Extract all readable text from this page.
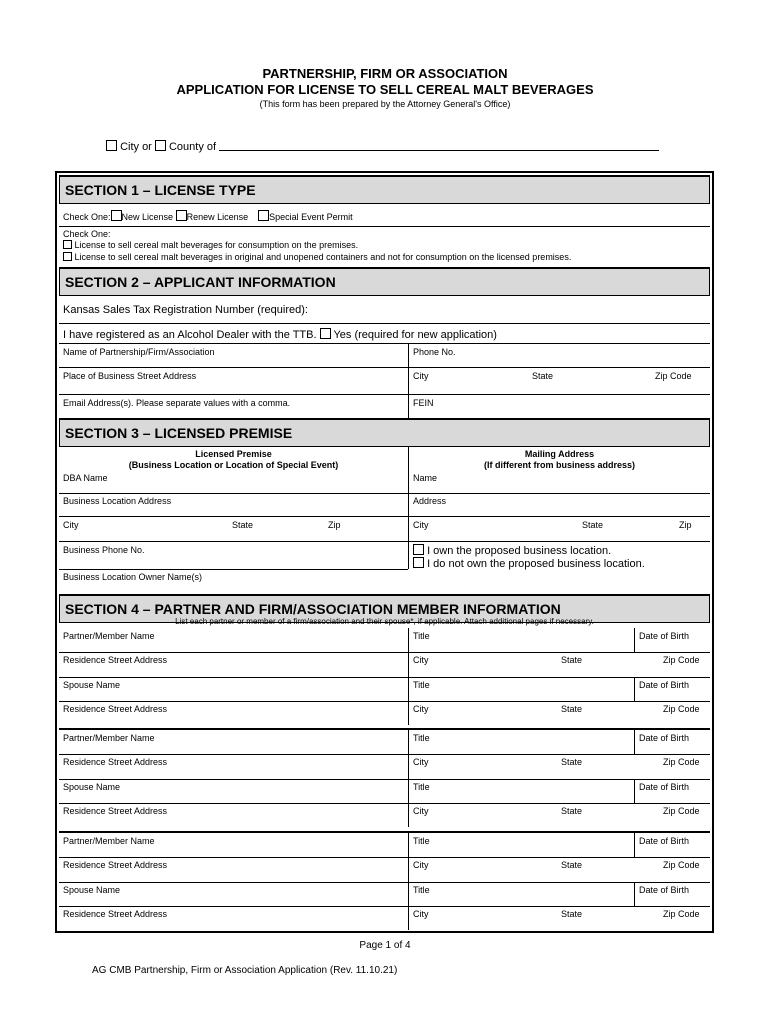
PARTNERSHIP, FIRM OR ASSOCIATION
APPLICATION FOR LICENSE TO SELL CEREAL MALT BEVERAGES
(This form has been prepared by the Attorney General's Office)
City or County of
SECTION 1 – LICENSE TYPE
Check One: New License Renew License Special Event Permit
Check One:
License to sell cereal malt beverages for consumption on the premises.
License to sell cereal malt beverages in original and unopened containers and not for consumption on the licensed premises.
SECTION 2 – APPLICANT INFORMATION
Kansas Sales Tax Registration Number (required):
I have registered as an Alcohol Dealer with the TTB. Yes (required for new application)
Name of Partnership/Firm/Association	Phone No.
Place of Business Street Address	City	State	Zip Code
Email Address(s). Please separate values with a comma.	FEIN
SECTION 3 – LICENSED PREMISE
Licensed Premise
(Business Location or Location of Special Event)
Mailing Address
(If different from business address)
DBA Name	Name
Business Location Address	Address
City	State	Zip	City	State	Zip
Business Phone No.	I own the proposed business location.
I do not own the proposed business location.
Business Location Owner Name(s)
SECTION 4 – PARTNER AND FIRM/ASSOCIATION MEMBER INFORMATION
List each partner or member of a firm/association and their spouse*, if applicable. Attach additional pages if necessary.
Partner/Member Name	Title	Date of Birth
Residence Street Address	City	State	Zip Code
Spouse Name	Title	Date of Birth
Residence Street Address	City	State	Zip Code
Partner/Member Name	Title	Date of Birth
Residence Street Address	City	State	Zip Code
Spouse Name	Title	Date of Birth
Residence Street Address	City	State	Zip Code
Partner/Member Name	Title	Date of Birth
Residence Street Address	City	State	Zip Code
Spouse Name	Title	Date of Birth
Residence Street Address	City	State	Zip Code
Page 1 of 4
AG CMB Partnership, Firm or Association Application (Rev. 11.10.21)
